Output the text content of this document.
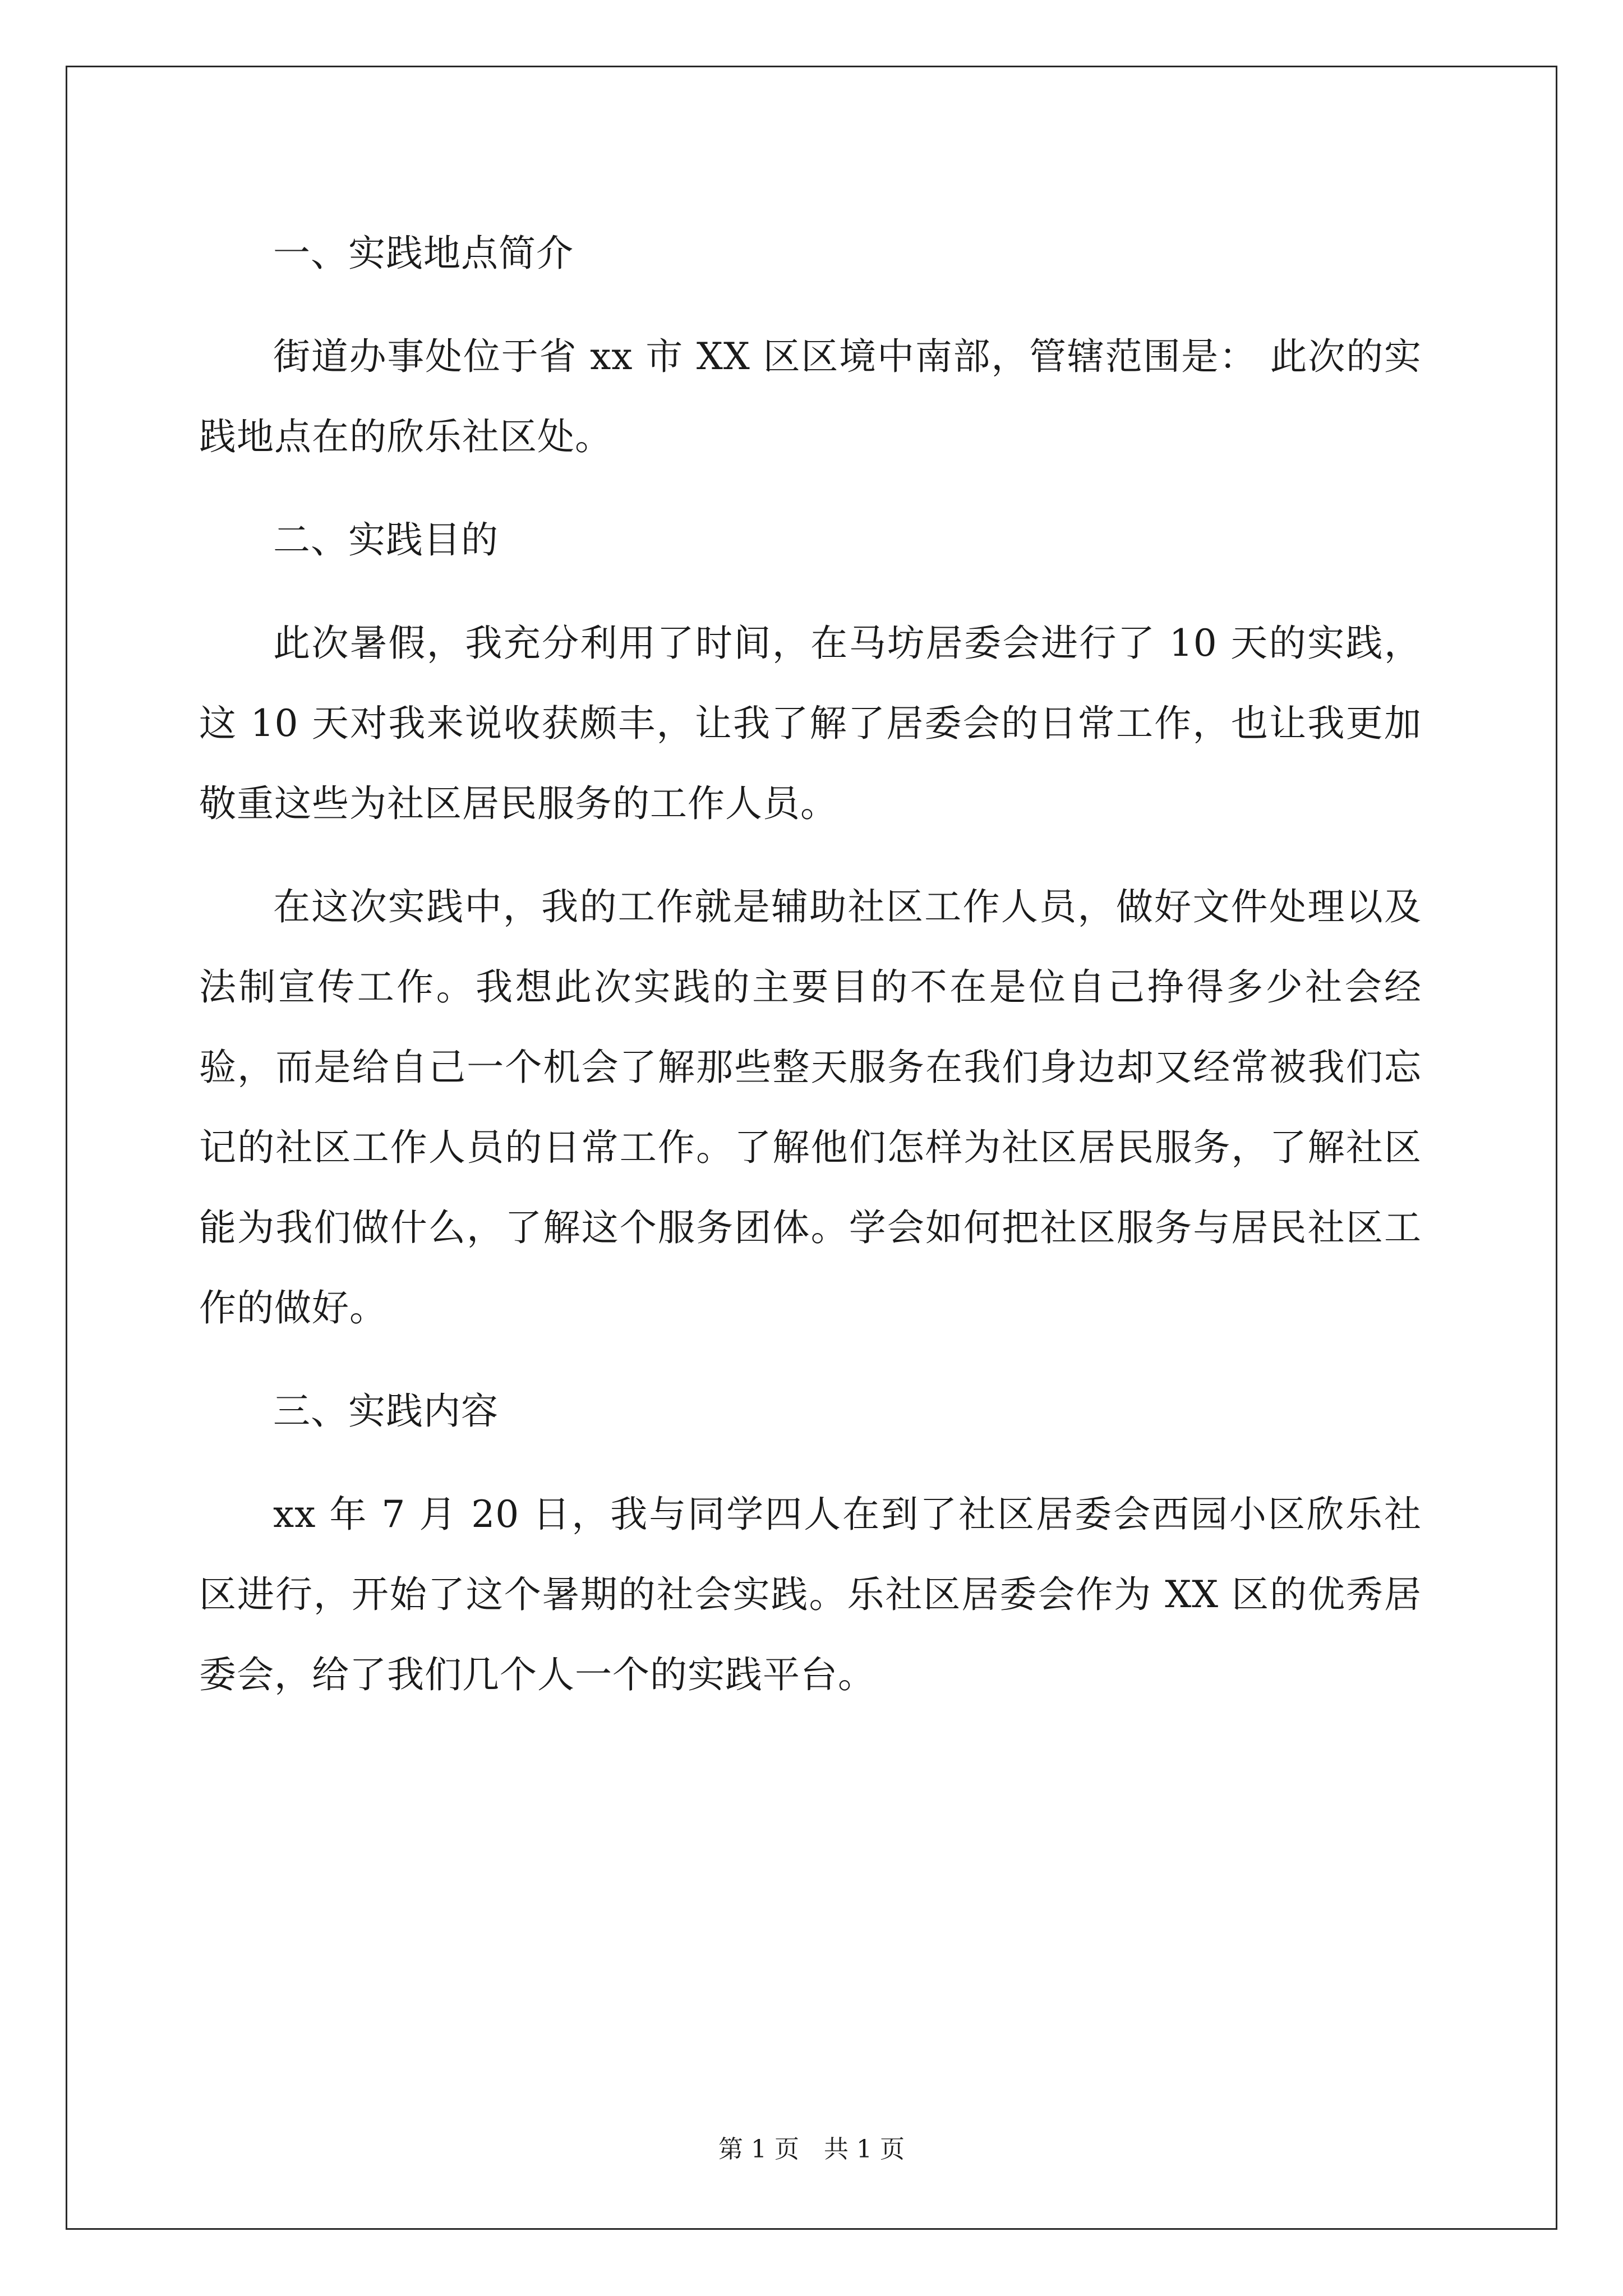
一、实践地点简介

街道办事处位于省 xx 市 XX 区区境中南部，管辖范围是： 此次的实践地点在的欣乐社区处。

二、实践目的

此次暑假，我充分利用了时间，在马坊居委会进行了 10 天的实践，这 10 天对我来说收获颇丰，让我了解了居委会的日常工作，也让我更加敬重这些为社区居民服务的工作人员。

在这次实践中，我的工作就是辅助社区工作人员，做好文件处理以及法制宣传工作。我想此次实践的主要目的不在是位自己挣得多少社会经验，而是给自己一个机会了解那些整天服务在我们身边却又经常被我们忘记的社区工作人员的日常工作。了解他们怎样为社区居民服务，了解社区能为我们做什么，了解这个服务团体。学会如何把社区服务与居民社区工作的做好。

三、实践内容

xx 年 7 月 20 日，我与同学四人在到了社区居委会西园小区欣乐社区进行，开始了这个暑期的社会实践。乐社区居委会作为 XX 区的优秀居委会，给了我们几个人一个的实践平台。

第 1 页　共 1 页
